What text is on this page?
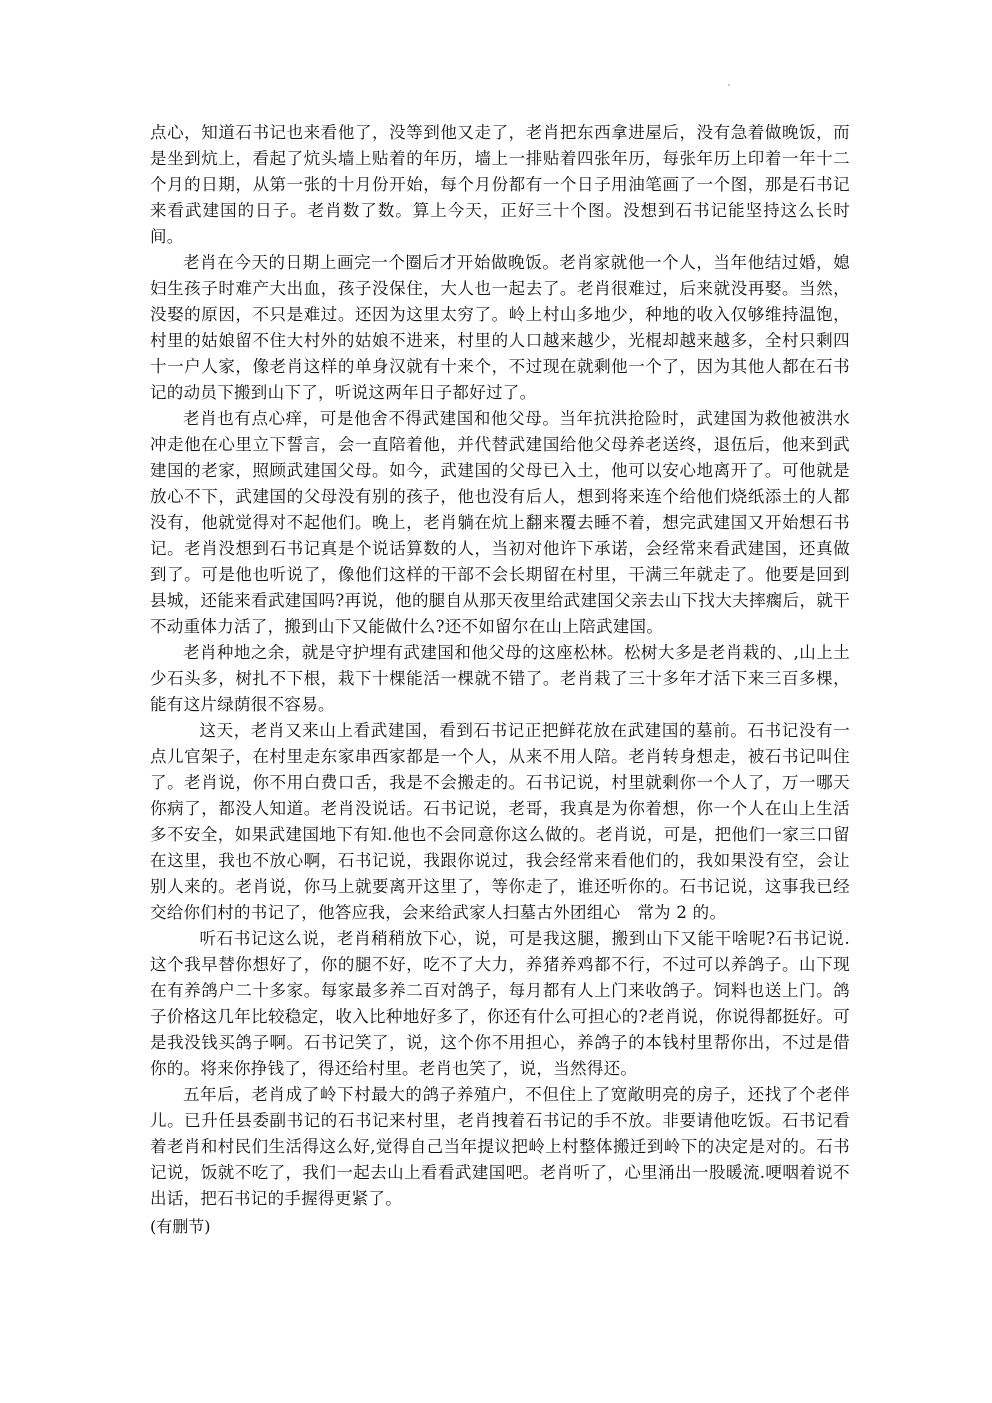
点心，知道石书记也来看他了，没等到他又走了，老肖把东西拿进屋后，没有急着做晚饭，而是坐到炕上，看起了炕头墙上贴着的年历，墙上一排贴着四张年历，每张年历上印着一年十二个月的日期，从第一张的十月份开始，每个月份都有一个日子用油笔画了一个图，那是石书记来看武建国的日子。老肖数了数。算上今天，正好三十个图。没想到石书记能坚持这么长时间。

老肖在今天的日期上画完一个圈后才开始做晚饭。老肖家就他一个人，当年他结过婚，媳妇生孩子时难产大出血，孩子没保住，大人也一起去了。老肖很难过，后来就没再娶。当然，没娶的原因，不只是难过。还因为这里太穷了。岭上村山多地少，种地的收入仅够维持温饱，村里的姑娘留不住大村外的姑娘不进来，村里的人口越来越少，光棍却越来越多，全村只剩四十一户人家，像老肖这样的单身汉就有十来个，不过现在就剩他一个了，因为其他人都在石书记的动员下搬到山下了，听说这两年日子都好过了。

老肖也有点心痒，可是他舍不得武建国和他父母。当年抗洪抢险时，武建国为救他被洪水冲走他在心里立下誓言，会一直陪着他，并代替武建国给他父母养老送终，退伍后，他来到武建国的老家，照顾武建国父母。如今，武建国的父母已入土，他可以安心地离开了。可他就是放心不下，武建国的父母没有别的孩子，他也没有后人，想到将来连个给他们烧纸添土的人都没有，他就觉得对不起他们。晚上，老肖躺在炕上翻来覆去睡不着，想完武建国又开始想石书记。老肖没想到石书记真是个说话算数的人，当初对他许下承诺，会经常来看武建国，还真做到了。可是他也听说了，像他们这样的干部不会长期留在村里，干满三年就走了。他要是回到县城，还能来看武建国吗?再说，他的腿自从那天夜里给武建国父亲去山下找大夫摔瘸后，就干不动重体力活了，搬到山下又能做什么?还不如留尔在山上陪武建国。

老肖种地之余，就是守护埋有武建国和他父母的这座松林。松树大多是老肖栽的、,山上土少石头多，树扎不下根，栽下十棵能活一棵就不错了。老肖栽了三十多年才活下来三百多棵，能有这片绿荫很不容易。

这天，老肖又来山上看武建国，看到石书记正把鲜花放在武建国的墓前。石书记没有一点儿官架子，在村里走东家串西家都是一个人，从来不用人陪。老肖转身想走，被石书记叫住了。老肖说，你不用白费口舌，我是不会搬走的。石书记说，村里就剩你一个人了，万一哪天你病了，都没人知道。老肖没说话。石书记说，老哥，我真是为你着想，你一个人在山上生活多不安全，如果武建国地下有知.他也不会同意你这么做的。老肖说，可是，把他们一家三口留在这里，我也不放心啊，石书记说，我跟你说过，我会经常来看他们的，我如果没有空，会让别人来的。老肖说，你马上就要离开这里了，等你走了，谁还听你的。石书记说，这事我已经交给你们村的书记了，他答应我，会来给武家人扫墓古外团组心　常为 2 的。

听石书记这么说，老肖稍稍放下心，说，可是我这腿，搬到山下又能干啥呢?石书记说.这个我早替你想好了，你的腿不好，吃不了大力，养猪养鸡都不行，不过可以养鸽子。山下现在有养鸽户二十多家。每家最多养二百对鸽子，每月都有人上门来收鸽子。饲料也送上门。鸽子价格这几年比较稳定，收入比种地好多了，你还有什么可担心的?老肖说，你说得都挺好。可是我没钱买鸽子啊。石书记笑了，说，这个你不用担心，养鸽子的本钱村里帮你出，不过是借你的。将来你挣钱了，得还给村里。老肖也笑了，说，当然得还。

五年后，老肖成了岭下村最大的鸽子养殖户，不但住上了宽敞明亮的房子，还找了个老伴儿。已升任县委副书记的石书记来村里，老肖拽着石书记的手不放。非要请他吃饭。石书记看着老肖和村民们生活得这么好,觉得自己当年提议把岭上村整体搬迁到岭下的决定是对的。石书记说，饭就不吃了，我们一起去山上看看武建国吧。老肖听了，心里涌出一股暖流.哽咽着说不出话，把石书记的手握得更紧了。

(有删节)
